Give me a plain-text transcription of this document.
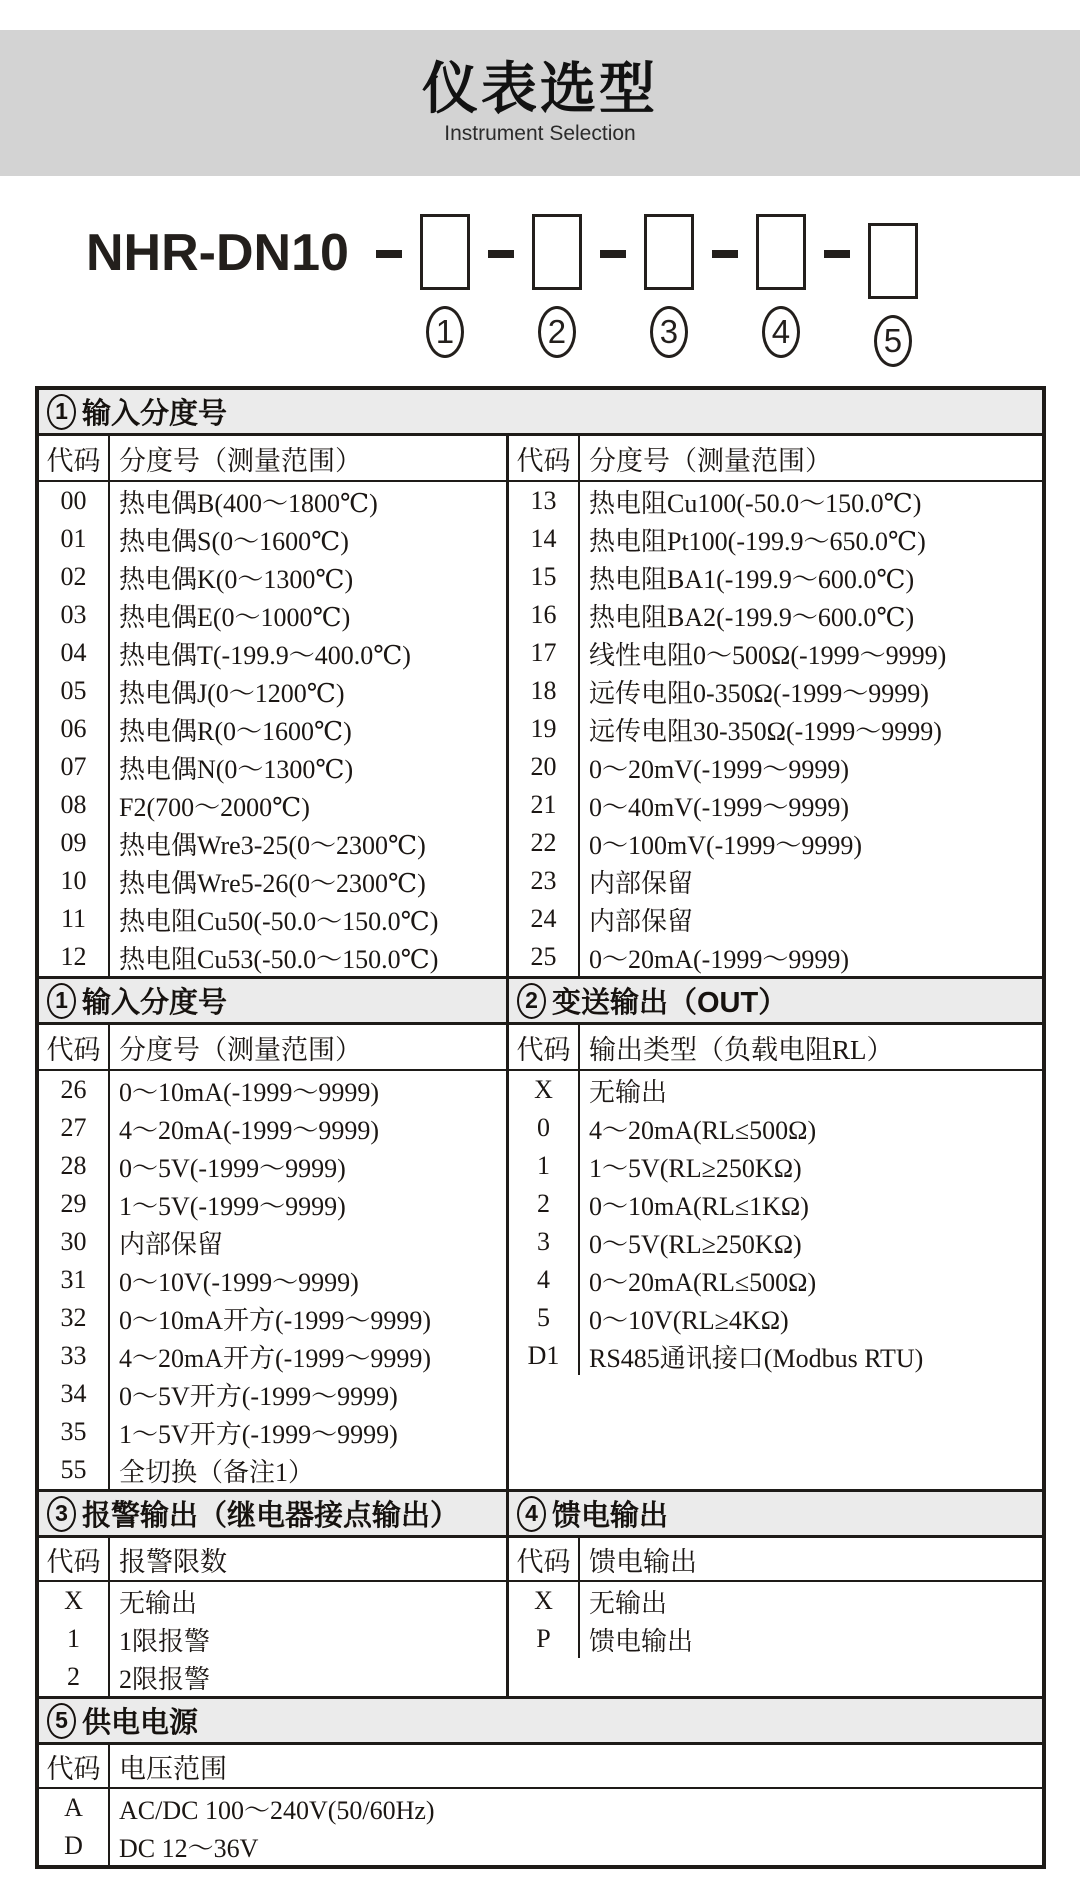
仪表选型
Instrument Selection
NHR-DN10
1	2	3	4	5
1 输入分度号
代码 分度号（测量范围）
00	热电偶B(400～1800℃)
01	热电偶S(0～1600℃)
02	热电偶K(0～1300℃)
03	热电偶E(0～1000℃)
04	热电偶T(-199.9～400.0℃)
05	热电偶J(0～1200℃)
06	热电偶R(0～1600℃)
07	热电偶N(0～1300℃)
08	F2(700～2000℃)
09	热电偶Wre3-25(0～2300℃)
10	热电偶Wre5-26(0～2300℃)
11	热电阻Cu50(-50.0～150.0℃)
12	热电阻Cu53(-50.0～150.0℃)
代码 分度号（测量范围）
13	热电阻Cu100(-50.0～150.0℃)
14	热电阻Pt100(-199.9～650.0℃)
15	热电阻BA1(-199.9～600.0℃)
16	热电阻BA2(-199.9～600.0℃)
17	线性电阻0～500Ω(-1999～9999)
18	远传电阻0-350Ω(-1999～9999)
19	远传电阻30-350Ω(-1999～9999)
20	0～20mV(-1999～9999)
21	0～40mV(-1999～9999)
22	0～100mV(-1999～9999)
23	内部保留
24	内部保留
25	0～20mA(-1999～9999)
1 输入分度号
代码 分度号（测量范围）
26	0～10mA(-1999～9999)
27	4～20mA(-1999～9999)
28	0～5V(-1999～9999)
29	1～5V(-1999～9999)
30	内部保留
31	0～10V(-1999～9999)
32	0～10mA开方(-1999～9999)
33	4～20mA开方(-1999～9999)
34	0～5V开方(-1999～9999)
35	1～5V开方(-1999～9999)
55	全切换（备注1）
2 变送输出（OUT）
代码 输出类型（负载电阻RL）
X	无输出
0	4～20mA(RL≤500Ω)
1	1～5V(RL≥250KΩ)
2	0～10mA(RL≤1KΩ)
3	0～5V(RL≥250KΩ)
4	0～20mA(RL≤500Ω)
5	0～10V(RL≥4KΩ)
D1	RS485通讯接口(Modbus RTU)
3 报警输出（继电器接点输出）
代码 报警限数
X	无输出
1	1限报警
2	2限报警
4 馈电输出
代码 馈电输出
X	无输出
P	馈电输出
5 供电电源
代码 电压范围
A	AC/DC 100～240V(50/60Hz)
D	DC 12～36V
